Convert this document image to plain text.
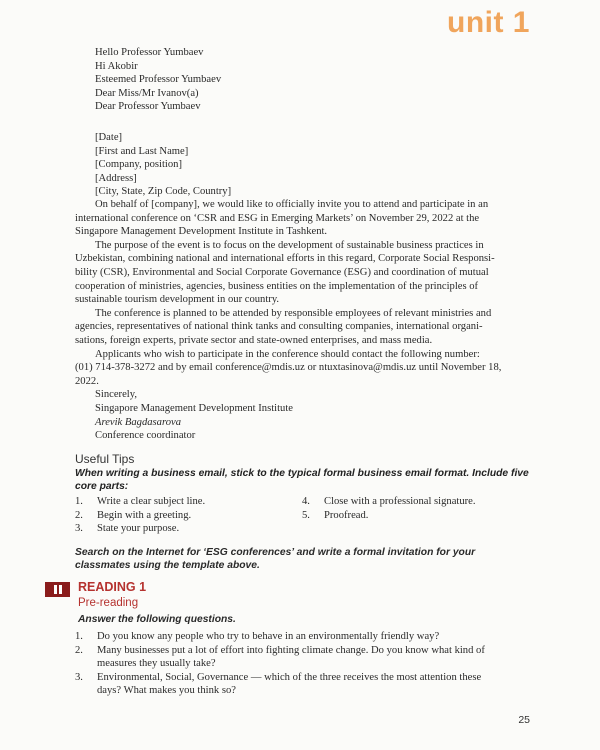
unit 1
Hello Professor Yumbaev
Hi Akobir
Esteemed Professor Yumbaev
Dear Miss/Mr Ivanov(a)
Dear Professor Yumbaev
[Date]
[First and Last Name]
[Company, position]
[Address]
[City, State, Zip Code, Country]
On behalf of [company], we would like to officially invite you to attend and participate in an
international conference on ‘CSR and ESG in Emerging Markets’ on November 29, 2022 at the
Singapore Management Development Institute in Tashkent.
The purpose of the event is to focus on the development of sustainable business practices in
Uzbekistan, combining national and international efforts in this regard, Corporate Social Responsi-
bility (CSR), Environmental and Social Corporate Governance (ESG) and coordination of mutual
cooperation of ministries, agencies, business entities on the implementation of the principles of
sustainable tourism development in our country.
The conference is planned to be attended by responsible employees of relevant ministries and
agencies, representatives of national think tanks and consulting companies, international organi-
sations, foreign experts, private sector and state-owned enterprises, and mass media.
Applicants who wish to participate in the conference should contact the following number:
(01) 714-378-3272 and by email conference@mdis.uz or ntuxtasinova@mdis.uz until November 18,
2022.
Sincerely,
Singapore Management Development Institute
Arevik Bagdasarova
Conference coordinator
Useful Tips
When writing a business email, stick to the typical formal business email format. Include five
core parts:
1. Write a clear subject line.
2. Begin with a greeting.
3. State your purpose.
4. Close with a professional signature.
5. Proofread.
Search on the Internet for ‘ESG conferences’ and write a formal invitation for your
classmates using the template above.
READING 1
Pre-reading
Answer the following questions.
1. Do you know any people who try to behave in an environmentally friendly way?
2. Many businesses put a lot of effort into fighting climate change. Do you know what kind of
measures they usually take?
3. Environmental, Social, Governance — which of the three receives the most attention these
days? What makes you think so?
25
